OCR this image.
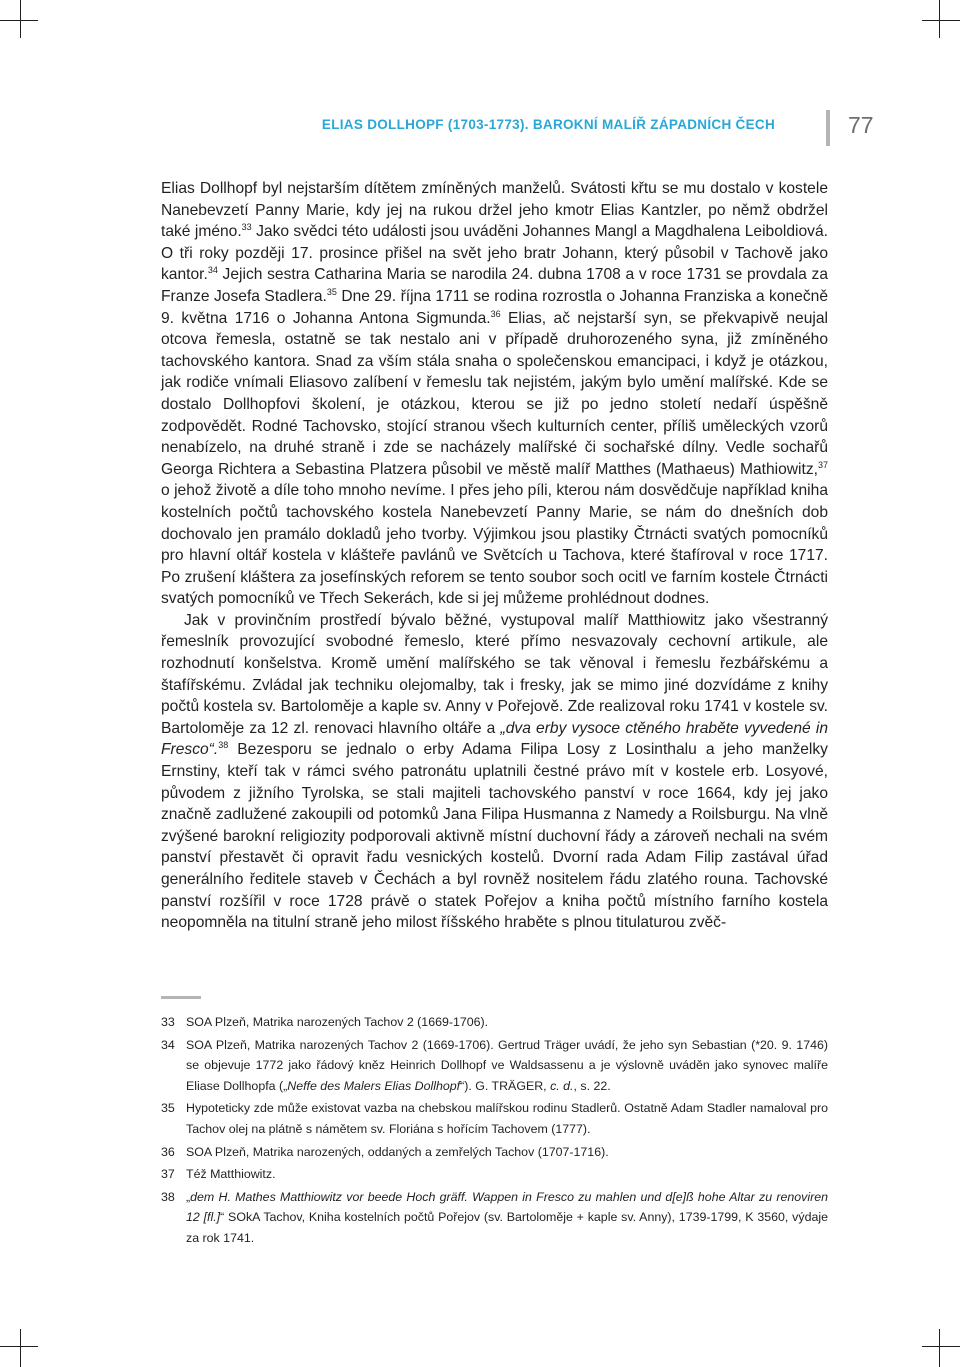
ELIAS DOLLHOPF (1703-1773). BAROKNÍ MALÍŘ ZÁPADNÍCH ČECH	77

Elias Dollhopf byl nejstarším dítětem zmíněných manželů. Svátosti křtu se mu dostalo v kostele Nanebevzetí Panny Marie, kdy jej na rukou držel jeho kmotr Elias Kantzler, po němž obdržel také jméno.$^{33}$ Jako svědci této události jsou uváděni Johannes Mangl a Magdhalena Leiboldiová. O tři roky později 17. prosince přišel na svět jeho bratr Johann, který působil v Tachově jako kantor.$^{34}$ Jejich sestra Catharina Maria se narodila 24. dubna 1708 a v roce 1731 se provdala za Franze Josefa Stadlera.$^{35}$ Dne 29. října 1711 se rodina rozrostla o Johanna Franziska a konečně 9. května 1716 o Johanna Antona Sigmunda.$^{36}$ Elias, ač nejstarší syn, se překvapivě neujal otcova řemesla, ostatně se tak nestalo ani v případě druhorozeného syna, již zmíněného tachovského kantora. Snad za vším stála snaha o společenskou emancipaci, i když je otázkou, jak rodiče vnímali Eliasovo zalíbení v řemeslu tak nejistém, jakým bylo umění malířské. Kde se dostalo Dollhopfovi školení, je otázkou, kterou se již po jedno století nedaří úspěšně zodpovědět. Rodné Tachovsko, stojící stranou všech kulturních center, příliš uměleckých vzorů nenabízelo, na druhé straně i zde se nacházely malířské či sochařské dílny. Vedle sochařů Georga Richtera a Sebastina Platzera působil ve městě malíř Matthes (Mathaeus) Mathiowitz,$^{37}$ o jehož životě a díle toho mnoho nevíme. I přes jeho píli, kterou nám dosvědčuje například kniha kostelních počtů tachovského kostela Nanebevzetí Panny Marie, se nám do dnešních dob dochovalo jen pramálo dokladů jeho tvorby. Výjimkou jsou plastiky Čtrnácti svatých pomocníků pro hlavní oltář kostela v klášteře pavlánů ve Světcích u Tachova, které štafíroval v roce 1717. Po zrušení kláštera za josefínských reforem se tento soubor soch ocitl ve farním kostele Čtrnácti svatých pomocníků ve Třech Sekerách, kde si jej můžeme prohlédnout dodnes.

Jak v provinčním prostředí bývalo běžné, vystupoval malíř Matthiowitz jako všestranný řemeslník provozující svobodné řemeslo, které přímo nesvazovaly cechovní artikule, ale rozhodnutí konšelstva. Kromě umění malířského se tak věnoval i řemeslu řezbářskému a štafířskému. Zvládal jak techniku olejomalby, tak i fresky, jak se mimo jiné dozvídáme z knihy počtů kostela sv. Bartoloměje a kaple sv. Anny v Pořejově. Zde realizoval roku 1741 v kostele sv. Bartoloměje za 12 zl. renovaci hlavního oltáře a „dva erby vysoce ctěného hraběte vyvedené in Fresco“.$^{38}$ Bezesporu se jednalo o erby Adama Filipa Losy z Losinthalu a jeho manželky Ernstiny, kteří tak v rámci svého patronátu uplatnili čestné právo mít v kostele erb. Losyové, původem z jižního Tyrolska, se stali majiteli tachovského panství v roce 1664, kdy jej jako značně zadlužené zakoupili od potomků Jana Filipa Husmanna z Namedy a Roilsburgu. Na vlně zvýšené barokní religiozity podporovali aktivně místní duchovní řády a zároveň nechali na svém panství přestavět či opravit řadu vesnických kostelů. Dvorní rada Adam Filip zastával úřad generálního ředitele staveb v Čechách a byl rovněž nositelem řádu zlatého rouna. Tachovské panství rozšířil v roce 1728 právě o statek Pořejov a kniha počtů místního farního kostela neopomněla na titulní straně jeho milost říšského hraběte s plnou titulaturou zvěč-

33 SOA Plzeň, Matrika narozených Tachov 2 (1669-1706).
34 SOA Plzeň, Matrika narozených Tachov 2 (1669-1706). Gertrud Träger uvádí, že jeho syn Sebastian (*20. 9. 1746) se objevuje 1772 jako řádový kněz Heinrich Dollhopf ve Waldsassenu a je výslovně uváděn jako synovec malíře Eliase Dollhopfa („Neffe des Malers Elias Dollhopf“). G. TRÄGER, c. d., s. 22.
35 Hypoteticky zde může existovat vazba na chebskou malířskou rodinu Stadlerů. Ostatně Adam Stadler namaloval pro Tachov olej na plátně s námětem sv. Floriána s hořícím Tachovem (1777).
36 SOA Plzeň, Matrika narozených, oddaných a zemřelých Tachov (1707-1716).
37 Též Matthiowitz.
38 „dem H. Mathes Matthiowitz vor beede Hoch gräff. Wappen in Fresco zu mahlen und d[e]ß hohe Altar zu renoviren 12 [fl.]“ SOkA Tachov, Kniha kostelních počtů Pořejov (sv. Bartoloměje + kaple sv. Anny), 1739-1799, K 3560, výdaje za rok 1741.
